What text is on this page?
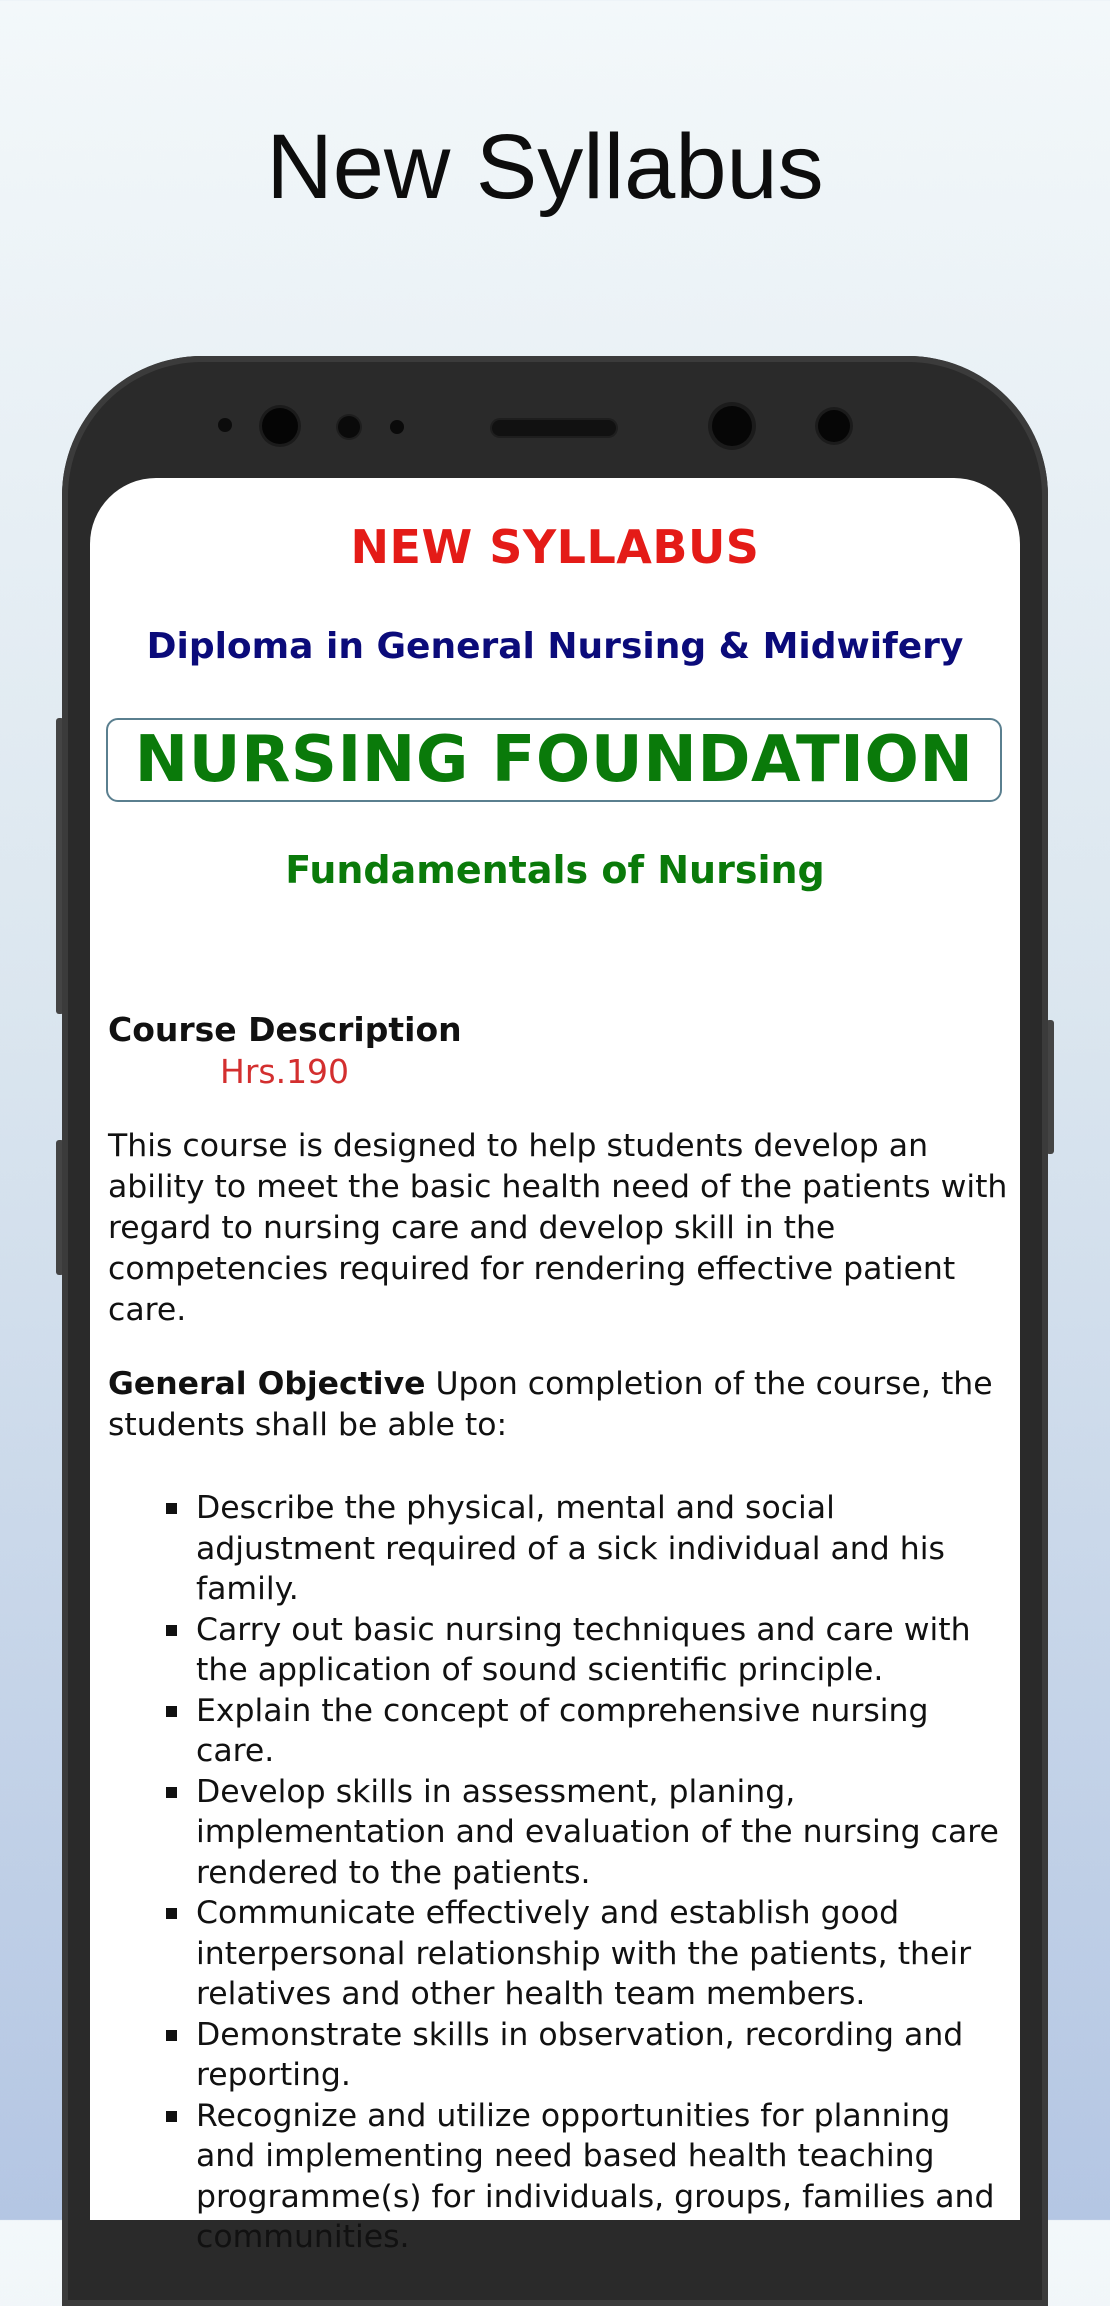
New Syllabus
NEW SYLLABUS
Diploma in General Nursing & Midwifery
NURSING FOUNDATION
Fundamentals of Nursing
Course Description
Hrs.190
This course is designed to help students develop an ability to meet the basic health need of the patients with regard to nursing care and develop skill in the competencies required for rendering effective patient care.
General Objective Upon completion of the course, the students shall be able to:
Describe the physical, mental and social adjustment required of a sick individual and his family.
Carry out basic nursing techniques and care with the application of sound scientific principle.
Explain the concept of comprehensive nursing care.
Develop skills in assessment, planing, implementation and evaluation of the nursing care rendered to the patients.
Communicate effectively and establish good interpersonal relationship with the patients, their relatives and other health team members.
Demonstrate skills in observation, recording and reporting.
Recognize and utilize opportunities for planning and implementing need based health teaching programme(s) for individuals, groups, families and communities.
